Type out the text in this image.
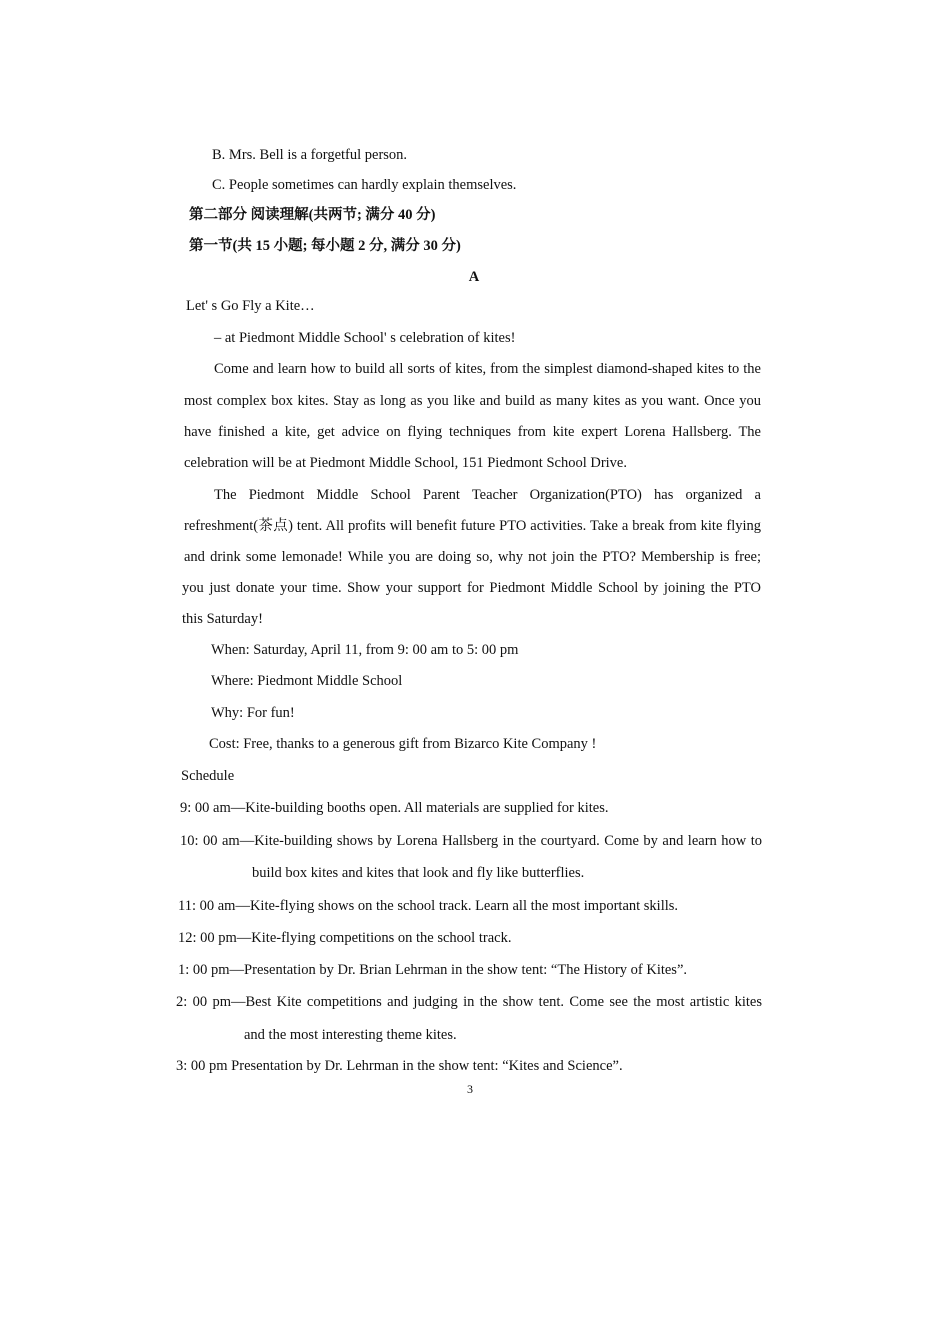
B. Mrs. Bell is a forgetful person.
C. People sometimes can hardly explain themselves.
第二部分 阅读理解(共两节; 满分 40 分)
第一节(共 15 小题; 每小题 2 分, 满分 30 分)
A
Let' s Go Fly a Kite…
– at Piedmont Middle School' s celebration of kites!
Come and learn how to build all sorts of kites, from the simplest diamond-shaped kites to the
most complex box kites. Stay as long as you like and build as many kites as you want. Once you
have finished a kite, get advice on flying techniques from kite expert Lorena Hallsberg. The
celebration will be at Piedmont Middle School, 151 Piedmont School Drive.
The Piedmont Middle School Parent Teacher Organization(PTO) has organized a
refreshment(茶点) tent. All profits will benefit future PTO activities. Take a break from kite flying
and drink some lemonade! While you are doing so, why not join the PTO? Membership is free;
you just donate your time. Show your support for Piedmont Middle School by joining the PTO
this Saturday!
When: Saturday, April 11, from 9: 00 am to 5: 00 pm
Where: Piedmont Middle School
Why: For fun!
Cost: Free, thanks to a generous gift from Bizarco Kite Company !
Schedule
9: 00 am—Kite-building booths open. All materials are supplied for kites.
10: 00 am—Kite-building shows by Lorena Hallsberg in the courtyard. Come by and learn how to
build box kites and kites that look and fly like butterflies.
11: 00 am—Kite-flying shows on the school track. Learn all the most important skills.
12: 00 pm—Kite-flying competitions on the school track.
1: 00 pm—Presentation by Dr. Brian Lehrman in the show tent: “The History of Kites”.
2: 00 pm—Best Kite competitions and judging in the show tent. Come see the most artistic kites
and the most interesting theme kites.
3: 00 pm Presentation by Dr. Lehrman in the show tent: “Kites and Science”.
3
